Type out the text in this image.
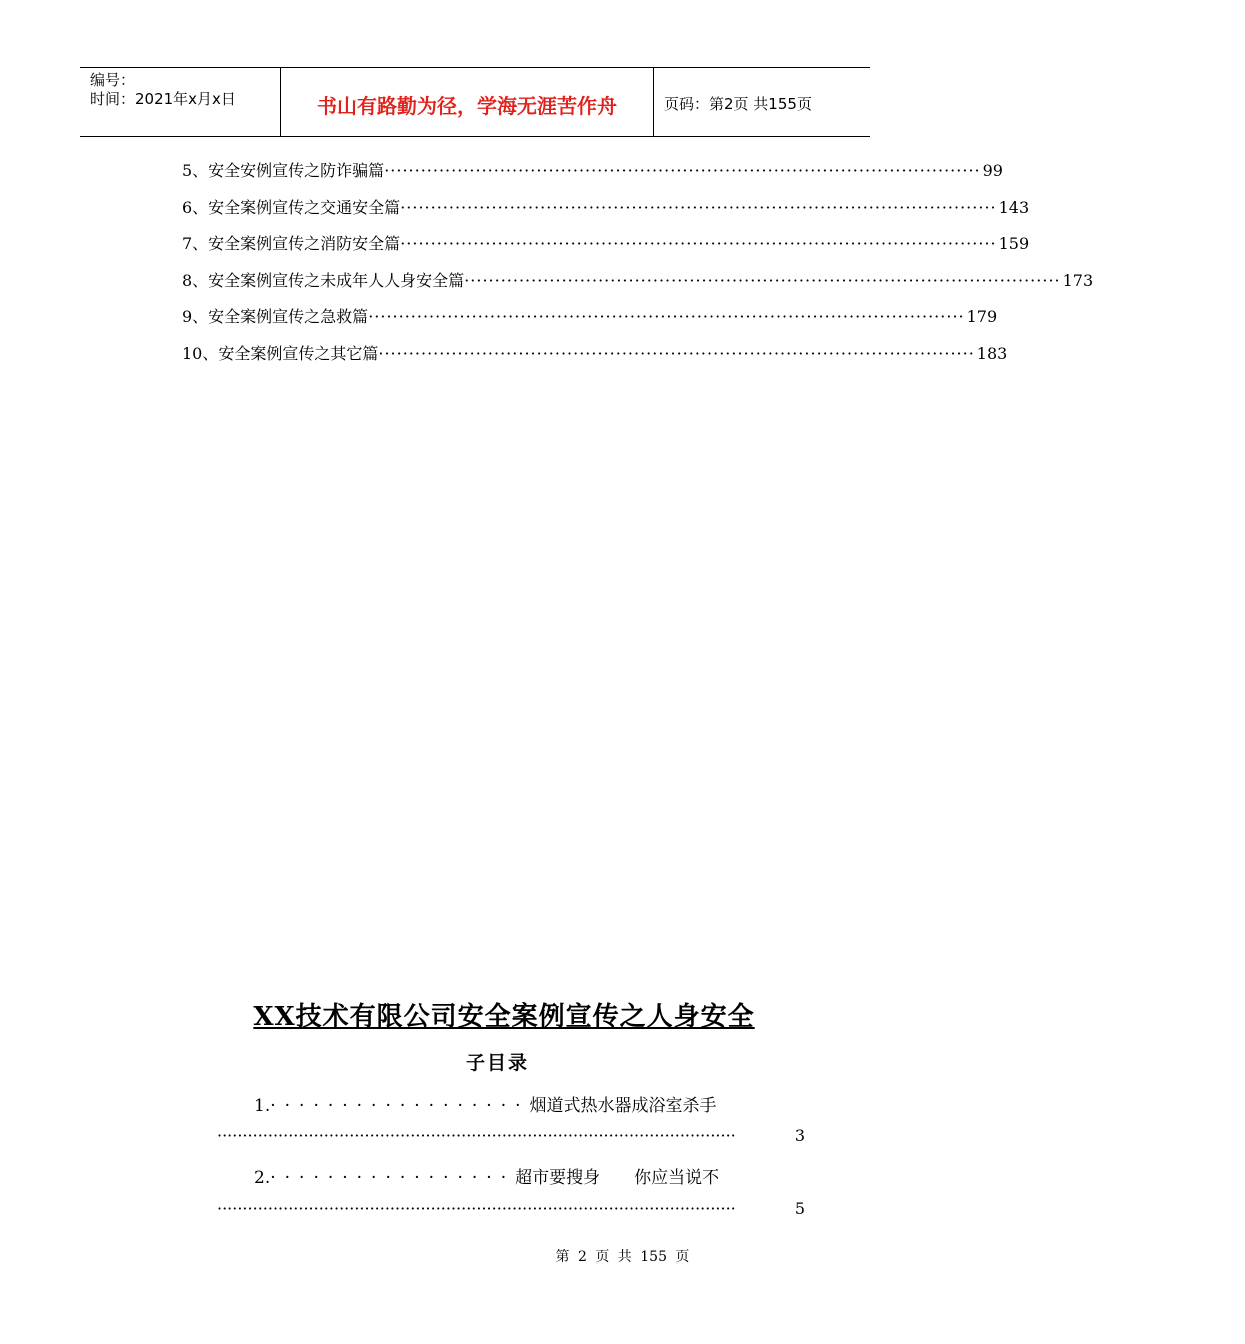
编号：
时间：2021年x月x日	书山有路勤为径，学海无涯苦作舟	页码：第2页 共155页
5、安全安例宣传之防诈骗篇 ·································································································· 99
6、安全案例宣传之交通安全篇 ·································································································· 143
7、安全案例宣传之消防安全篇 ·································································································· 159
8、安全案例宣传之未成年人人身安全篇 ·································································································· 173
9、安全案例宣传之急救篇 ·································································································· 179
10、安全案例宣传之其它篇 ·································································································· 183
XX技术有限公司安全案例宣传之人身安全
子目录
1.··················烟道式热水器成浴室杀手
······································································································	3
2.·················超市要搜身　　你应当说不
······································································································	5
第 2 页 共 155 页
